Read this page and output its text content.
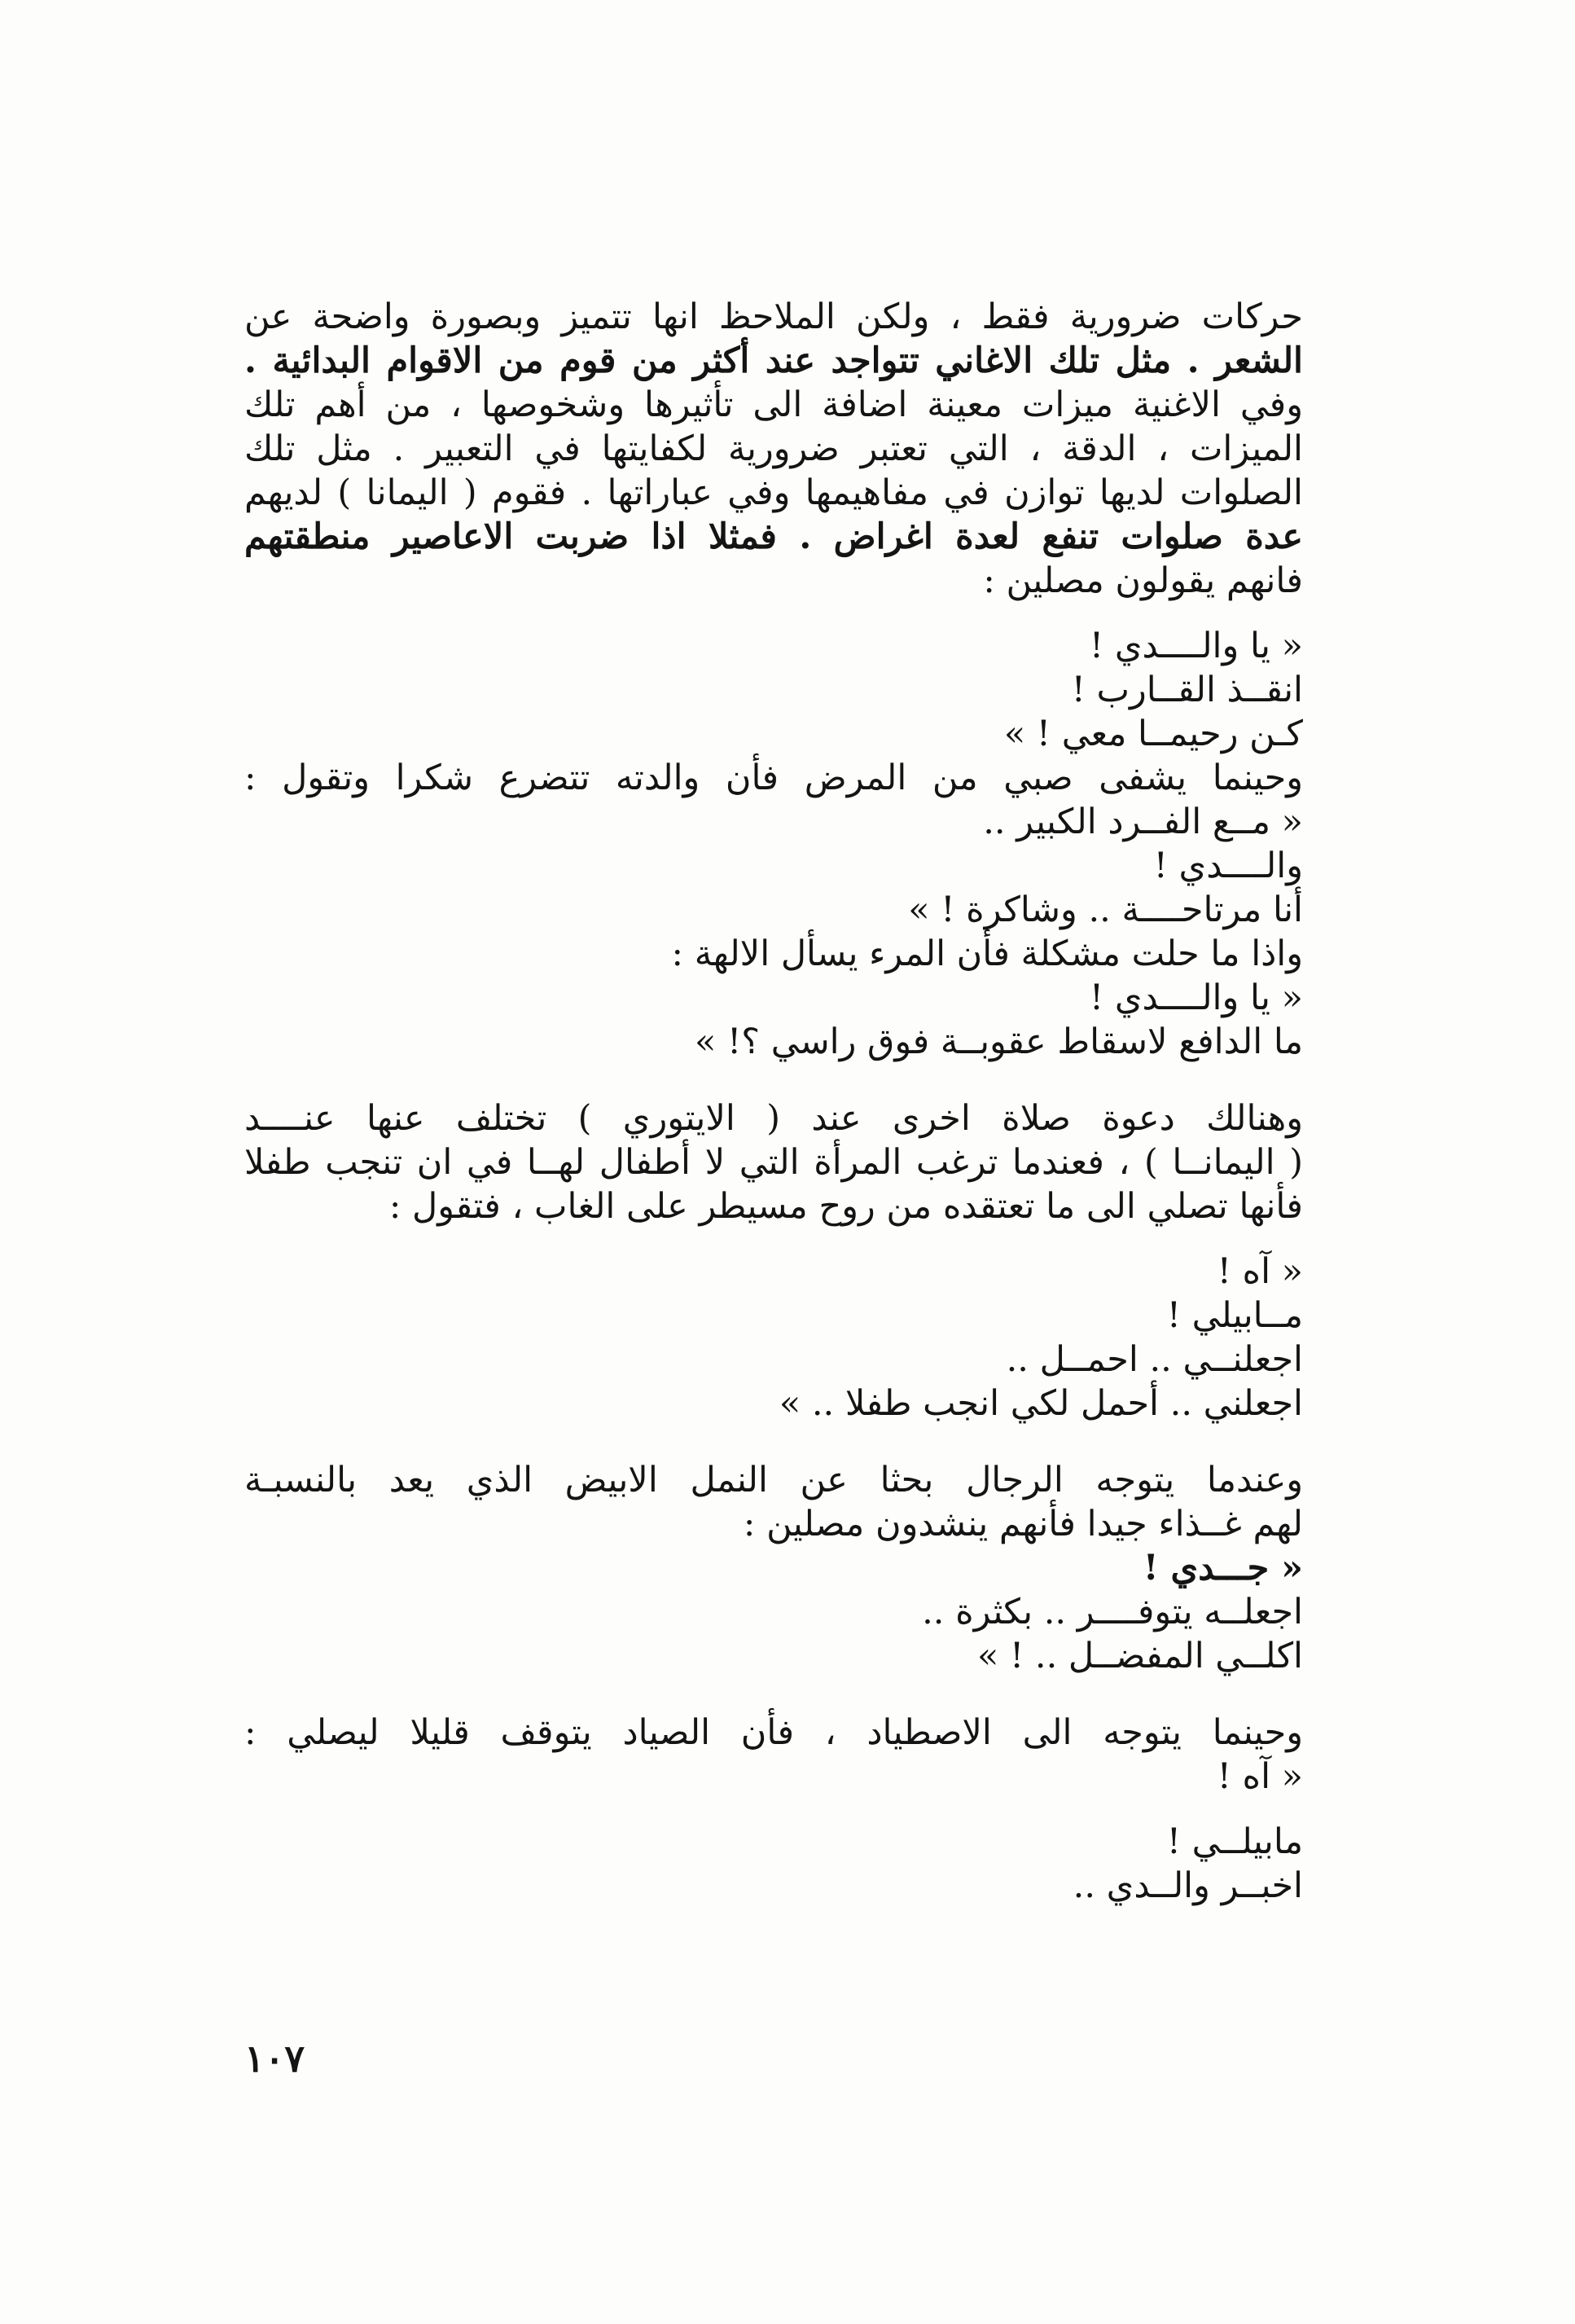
حركات ضرورية فقط ، ولكن الملاحظ انها تتميز وبصورة واضحة عن
الشعر . مثل تلك الاغاني تتواجد عند أكثر من قوم من الاقوام البدائية .
وفي الاغنية ميزات معينة اضافة الى تأثيرها وشخوصها ، من أهم تلك
الميزات ، الدقة ، التي تعتبر ضرورية لكفايتها في التعبير . مثل تلك
الصلوات لديها توازن في مفاهيمها وفي عباراتها . فقوم ( اليمانا ) لديهم
عدة صلوات تنفع لعدة اغراض . فمثلا اذا ضربت الاعاصير منطقتهم
فانهم يقولون مصلين :
« يا والــــدي !
انقــذ القــارب !
كـن رحيمــا معي ! »
وحينما يشفى صبي من المرض فأن والدته تتضرع شكرا وتقول :
« مــع الفــرد الكبير ..
والــــدي !
أنا مرتاحــــة .. وشاكرة ! »
واذا ما حلت مشكلة فأن المرء يسأل الالهة :
« يا والــــدي !
ما الدافع لاسقاط عقوبــة فوق راسي ؟! »
وهنالك دعوة صلاة اخرى عند ( الايتوري ) تختلف عنها عنــــد
( اليمانــا ) ، فعندما ترغب المرأة التي لا أطفال لهــا في ان تنجب طفلا
فأنها تصلي الى ما تعتقده من روح مسيطر على الغاب ، فتقول :
« آه !
مــابيلي !
اجعلنــي .. احمــل ..
اجعلني .. أحمل لكي انجب طفلا .. »
وعندما يتوجه الرجال بحثا عن النمل الابيض الذي يعد بالنسبـة
لهم غــذاء جيدا فأنهم ينشدون مصلين :
« جـــدي !
اجعلــه يتوفــــر .. بكثرة ..
اكلــي المفضــل .. ! »
وحينما يتوجه الى الاصطياد ، فأن الصياد يتوقف قليلا ليصلي :
« آه !
مابيلــي !
اخبــر والــدي ..
١٠٧
